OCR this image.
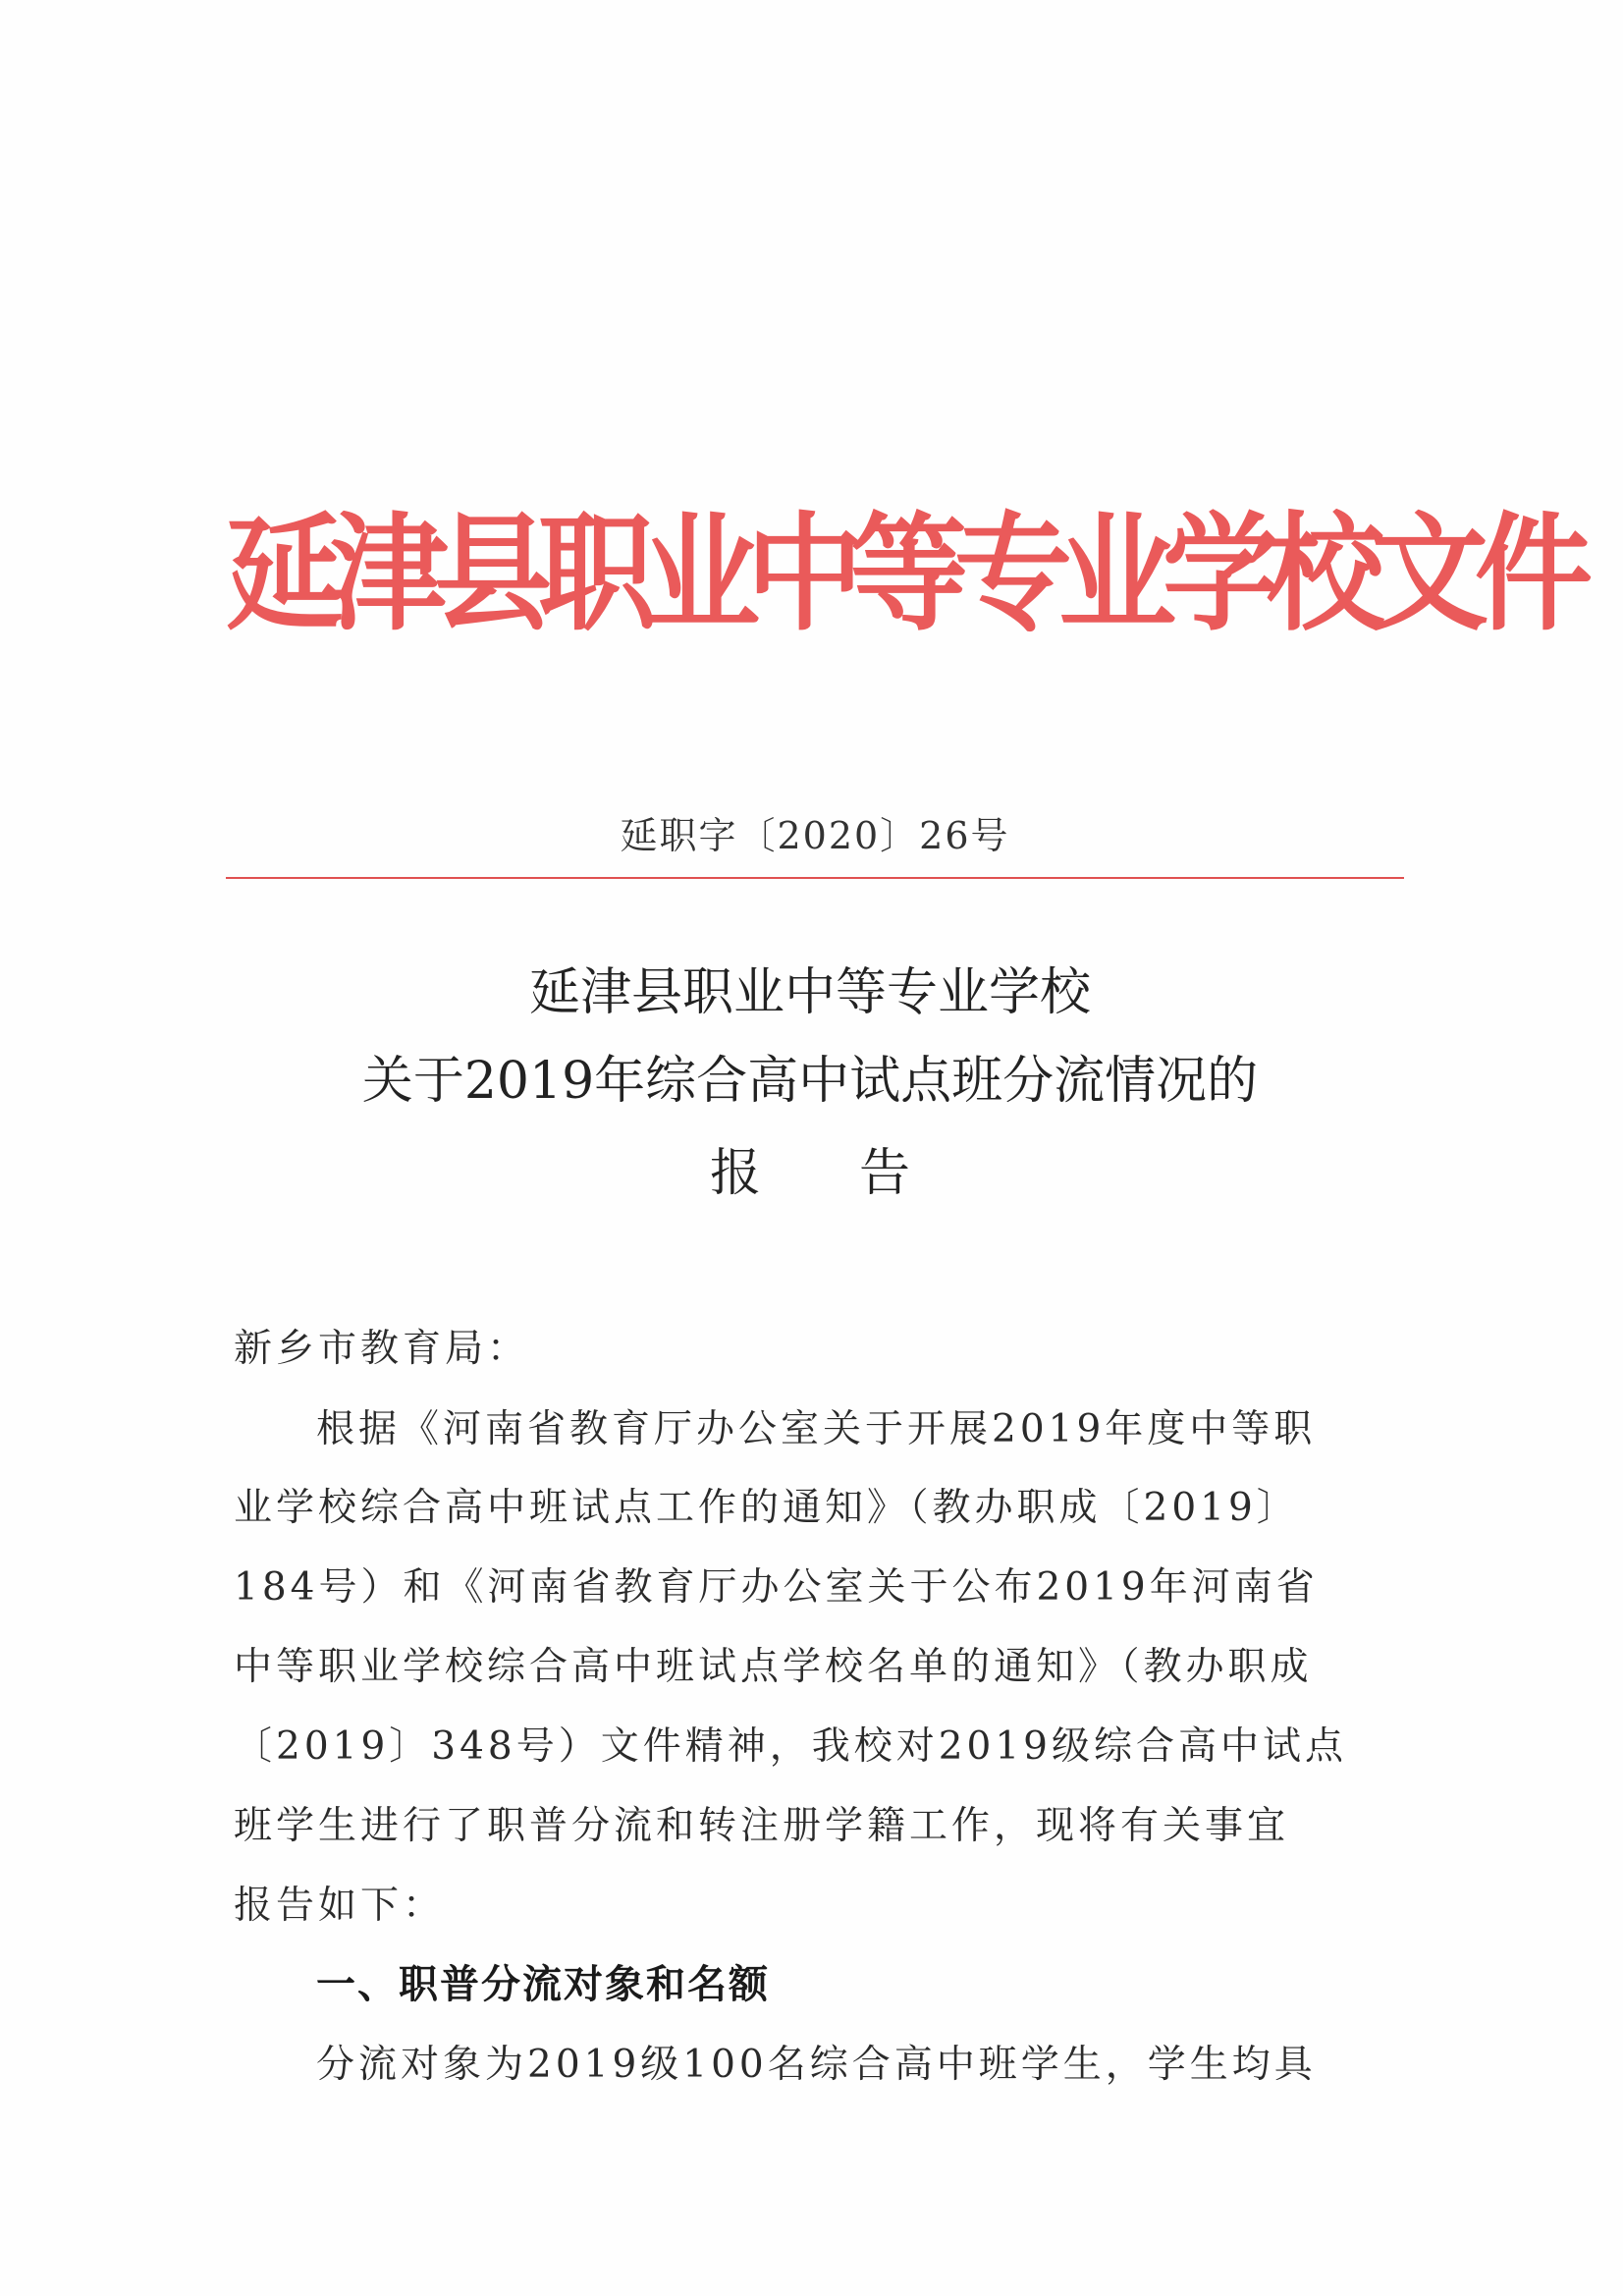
延津县职业中等专业学校文件
延职字〔2020〕26号
延津县职业中等专业学校
关于2019年综合高中试点班分流情况的
报告
新乡市教育局：
根据《河南省教育厅办公室关于开展2019年度中等职
业学校综合高中班试点工作的通知》（教办职成〔2019〕
184号）和《河南省教育厅办公室关于公布2019年河南省
中等职业学校综合高中班试点学校名单的通知》（教办职成
〔2019〕348号）文件精神，我校对2019级综合高中试点
班学生进行了职普分流和转注册学籍工作，现将有关事宜
报告如下：
一、职普分流对象和名额
分流对象为2019级100名综合高中班学生，学生均具
